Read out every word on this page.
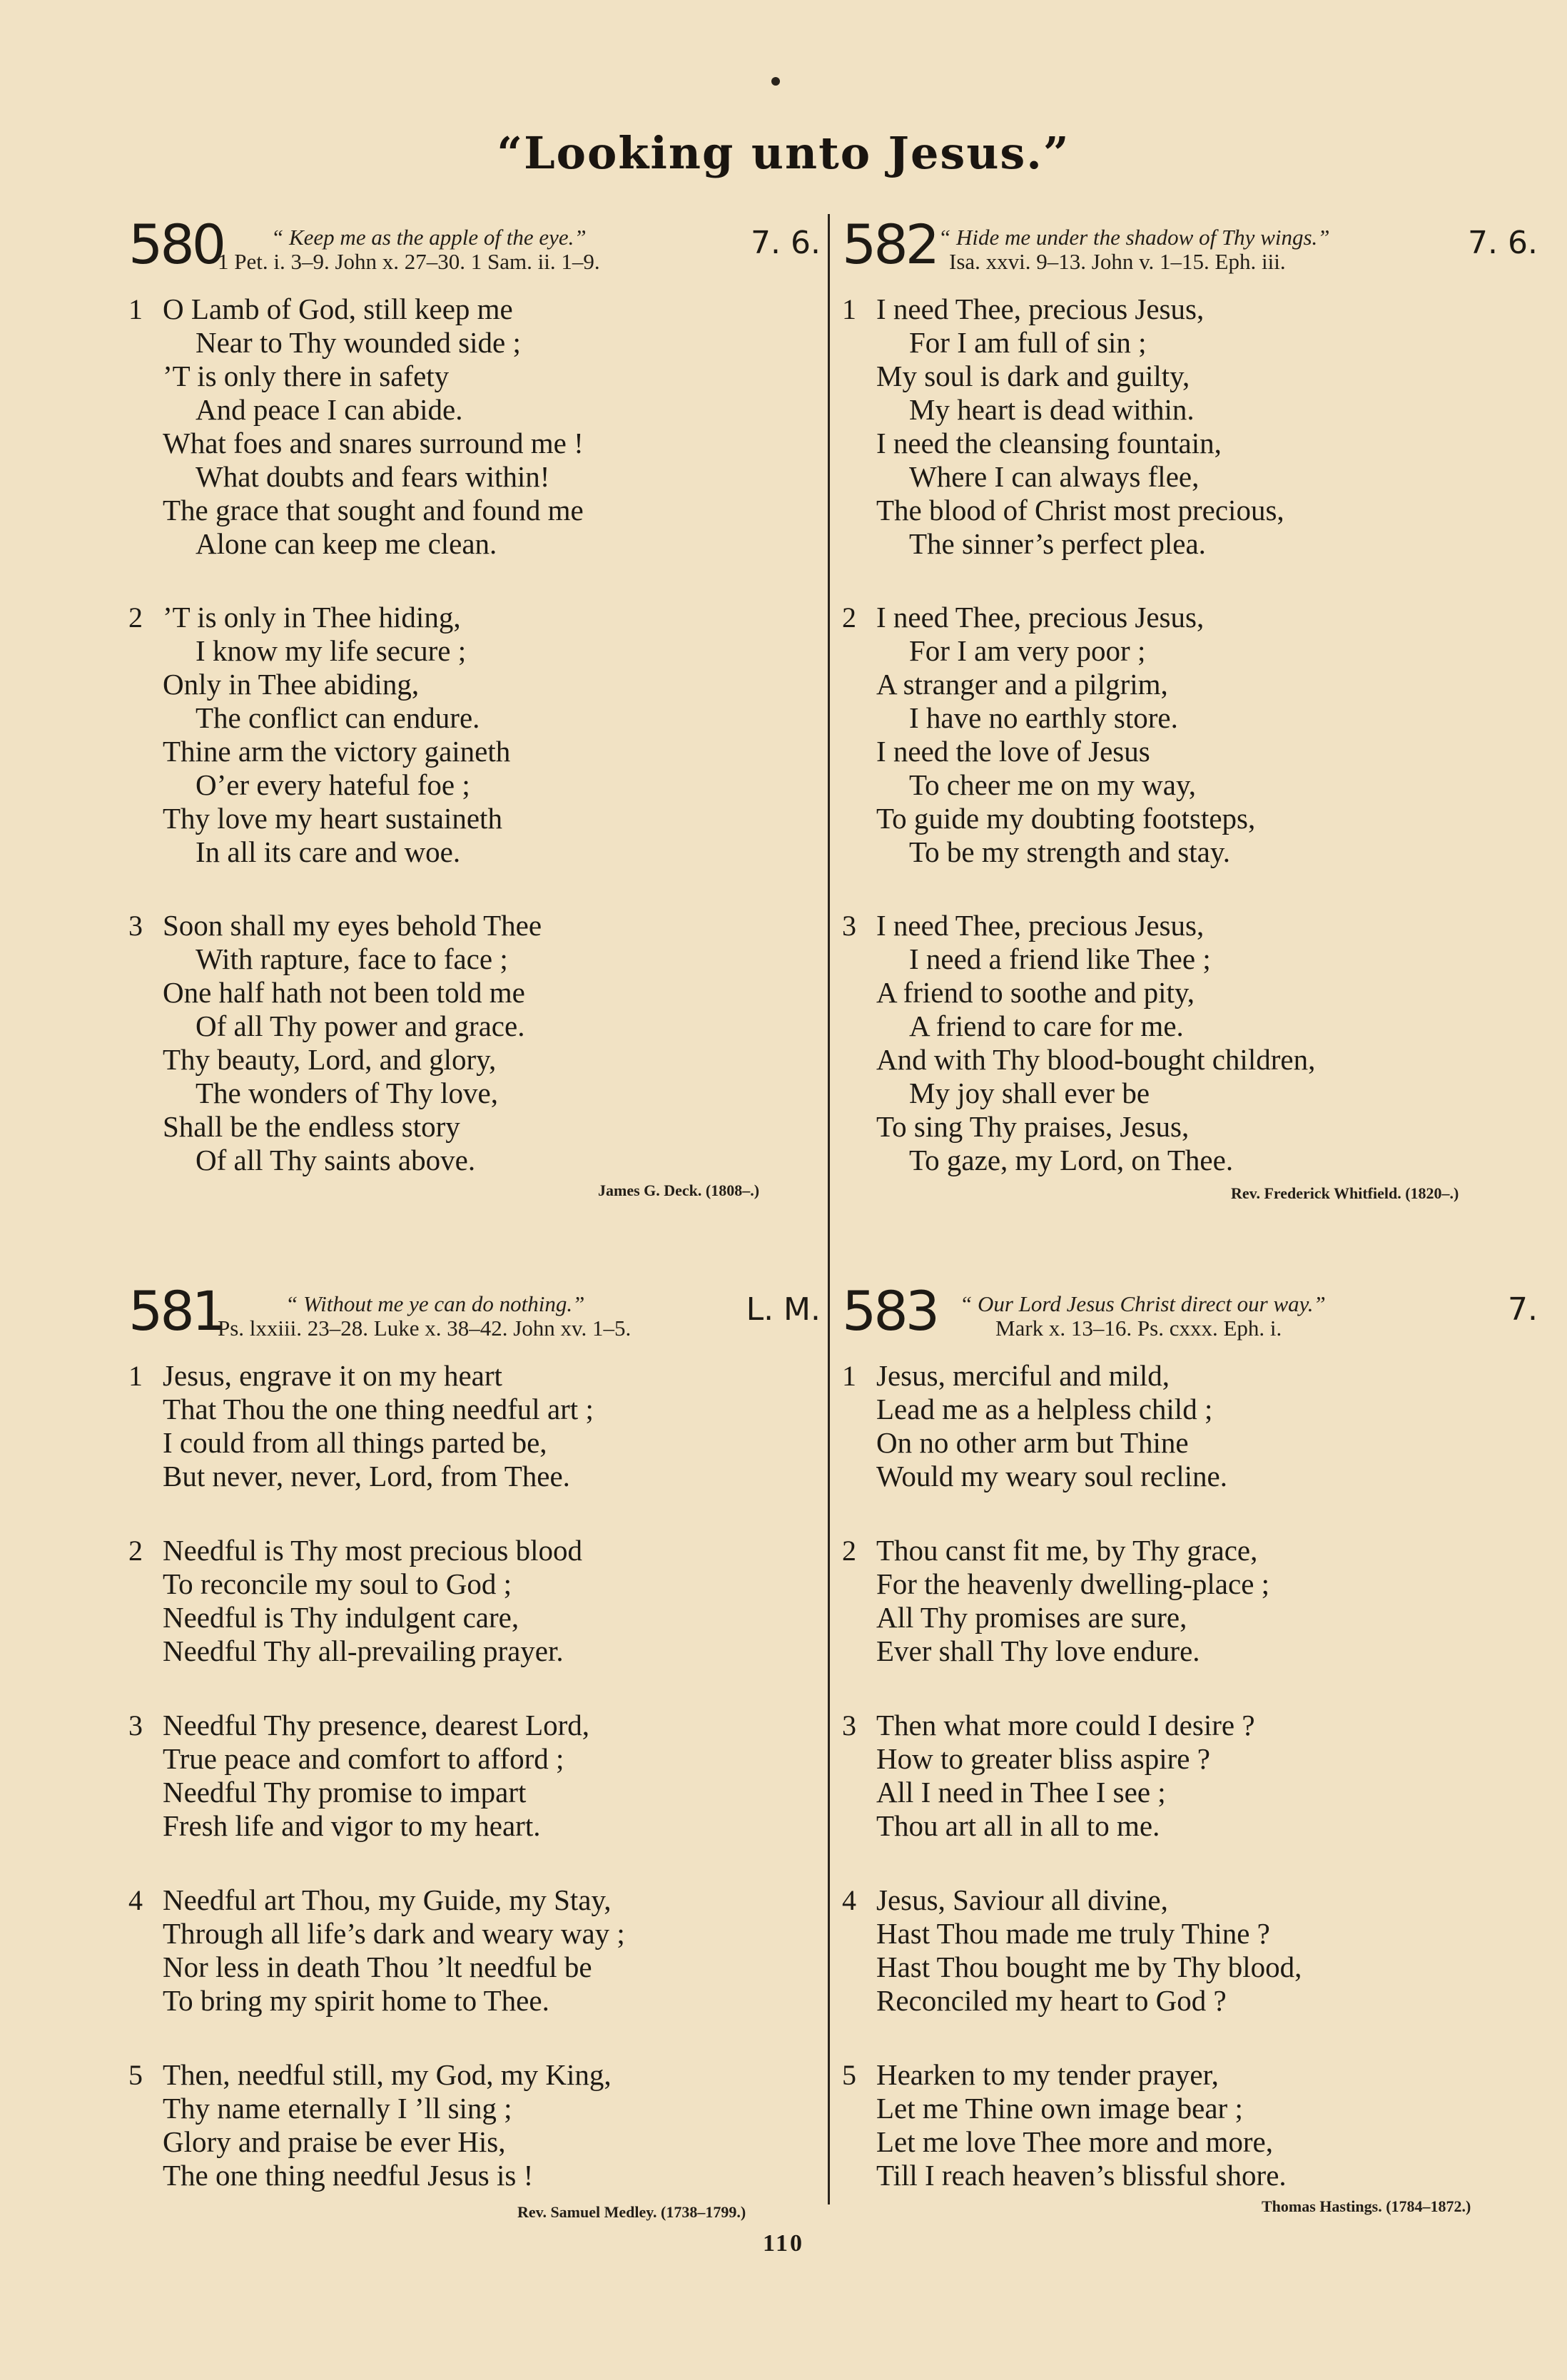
“Looking unto Jesus.”
580 “ Keep me as the apple of the eye.”
1 Pet. i. 3–9. John x. 27–30. 1 Sam. ii. 1–9.
7. 6.
1 O Lamb of God, still keep me
Near to Thy wounded side ;
’T is only there in safety
And peace I can abide.
What foes and snares surround me !
What doubts and fears within!
The grace that sought and found me
Alone can keep me clean.
2 ’T is only in Thee hiding,
I know my life secure ;
Only in Thee abiding,
The conflict can endure.
Thine arm the victory gaineth
O’er every hateful foe ;
Thy love my heart sustaineth
In all its care and woe.
3 Soon shall my eyes behold Thee
With rapture, face to face ;
One half hath not been told me
Of all Thy power and grace.
Thy beauty, Lord, and glory,
The wonders of Thy love,
Shall be the endless story
Of all Thy saints above.
James G. Deck. (1808–.)
582 “ Hide me under the shadow of Thy wings.”
Isa. xxvi. 9–13. John v. 1–15. Eph. iii.
7. 6.
1 I need Thee, precious Jesus,
For I am full of sin ;
My soul is dark and guilty,
My heart is dead within.
I need the cleansing fountain,
Where I can always flee,
The blood of Christ most precious,
The sinner’s perfect plea.
2 I need Thee, precious Jesus,
For I am very poor ;
A stranger and a pilgrim,
I have no earthly store.
I need the love of Jesus
To cheer me on my way,
To guide my doubting footsteps,
To be my strength and stay.
3 I need Thee, precious Jesus,
I need a friend like Thee ;
A friend to soothe and pity,
A friend to care for me.
And with Thy blood-bought children,
My joy shall ever be
To sing Thy praises, Jesus,
To gaze, my Lord, on Thee.
Rev. Frederick Whitfield. (1820–.)
581	“ Without me ye can do nothing.”
Ps. lxxiii. 23–28. Luke x. 38–42. John xv. 1–5.
L. M.
1 Jesus, engrave it on my heart
That Thou the one thing needful art ;
I could from all things parted be,
But never, never, Lord, from Thee.
2 Needful is Thy most precious blood
To reconcile my soul to God ;
Needful is Thy indulgent care,
Needful Thy all-prevailing prayer.
3 Needful Thy presence, dearest Lord,
True peace and comfort to afford ;
Needful Thy promise to impart
Fresh life and vigor to my heart.
4 Needful art Thou, my Guide, my Stay,
Through all life’s dark and weary way ;
Nor less in death Thou ’lt needful be
To bring my spirit home to Thee.
5 Then, needful still, my God, my King,
Thy name eternally I ’ll sing ;
Glory and praise be ever His,
The one thing needful Jesus is !
Rev. Samuel Medley. (1738–1799.)
583 “ Our Lord Jesus Christ direct our way.”
Mark x. 13–16. Ps. cxxx. Eph. i.
7.
1 Jesus, merciful and mild,
Lead me as a helpless child ;
On no other arm but Thine
Would my weary soul recline.
2 Thou canst fit me, by Thy grace,
For the heavenly dwelling-place ;
All Thy promises are sure,
Ever shall Thy love endure.
3 Then what more could I desire ?
How to greater bliss aspire ?
All I need in Thee I see ;
Thou art all in all to me.
4 Jesus, Saviour all divine,
Hast Thou made me truly Thine ?
Hast Thou bought me by Thy blood,
Reconciled my heart to God ?
5 Hearken to my tender prayer,
Let me Thine own image bear ;
Let me love Thee more and more,
Till I reach heaven’s blissful shore.
Thomas Hastings. (1784–1872.)
110
